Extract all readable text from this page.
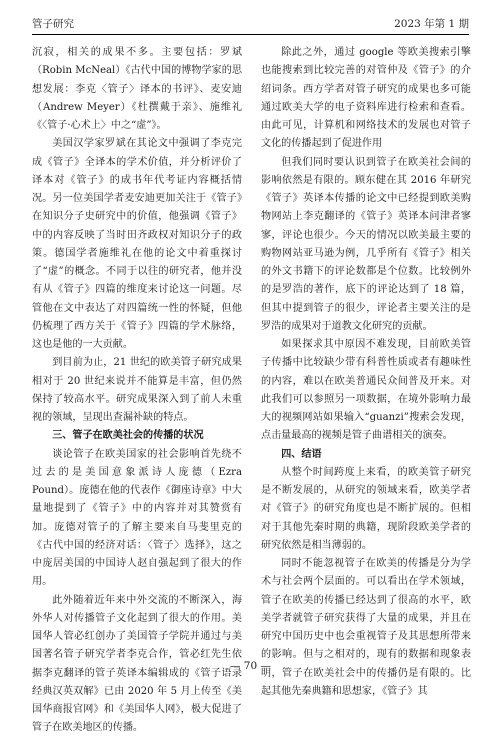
管子研究	2023 年第 1 期

沉寂，相关的成果不多。主要包括：罗斌（Robin McNeal）《古代中国的博物学家的思想发展：李克〈管子〉译本的书评》、麦安迪（Andrew Meyer）《杜撰戴于亲》、施维礼《〈管子·心术上〉中之“虚”》。

美国汉学家罗斌在其论文中强调了李克完成《管子》全译本的学术价值，并分析评价了译本对《管子》的成书年代考证内容概括情况。另一位美国学者麦安迪更加关注于《管子》在知识分子史研究中的价值，他强调《管子》中的内容反映了当时田齐政权对知识分子的政策。德国学者施维礼在他的论文中着重探讨了“虚”的概念。不同于以往的研究者，他并没有从《管子》四篇的维度来讨论这一问题。尽管他在文中表达了对四篇统一性的怀疑，但他仍梳理了西方关于《管子》四篇的学术脉络，这也是他的一大贡献。

到目前为止，21 世纪的欧美管子研究成果相对于 20 世纪来说并不能算是丰富，但仍然保持了较高水平。研究成果深入到了前人未重视的领域，呈现出查漏补缺的特点。

三、管子在欧美社会的传播的状况

谈论管子在欧美国家的社会影响首先绕不过去的是美国意象派诗人庞德（Ezra Pound）。庞德在他的代表作《御座诗章》中大量地提到了《管子》中的内容并对其赞赏有加。庞德对管子的了解主要来自马斐里克的《古代中国的经济对话：〈管子〉选择》，这之中庞居美国的中国诗人赵自强起到了很大的作用。

此外随着近年来中外交流的不断深入，海外华人对传播管子文化起到了很大的作用。美国华人管必红创办了美国管子学院并通过与美国著名管子研究学者李克合作，管必红先生依据李克翻译的管子英译本编辑成的《管子语录经典汉英双解》已由 2020 年 5 月上传至《美国华商报官网》和《美国华人网》，极大促进了管子在欧美地区的传播。

除此之外，通过 google 等欧美搜索引擎也能搜索到比较完善的对管仲及《管子》的介绍词条。西方学者对管子研究的成果也多可能通过欧美大学的电子资料库进行检索和查看。由此可见，计算机和网络技术的发展也对管子文化的传播起到了促进作用

但我们同时要认识到管子在欧美社会间的影响依然是有限的。顾东健在其 2016 年研究《管子》英译本传播的论文中已经提到欧美购物网站上李克翻译的《管子》英译本问津者寥寥，评论也很少。今天的情况以欧美最主要的购物网站亚马逊为例，几乎所有《管子》相关的外文书籍下的评论数都是个位数。比较例外的是罗浩的著作，底下的评论达到了 18 篇，但其中提到管子的很少，评论者主要关注的是罗浩的成果对于道教文化研究的贡献。

如果探求其中原因不难发现，目前欧美管子传播中比较缺少带有科普性质或者有趣味性的内容，难以在欧美普通民众间普及开来。对此我们可以参照另一项数据，在境外影响力最大的视频网站如果输入“guanzi”搜索会发现，点击量最高的视频是管子曲谱相关的演奏。

四、结语

从整个时间跨度上来看，的欧美管子研究是不断发展的，从研究的领域来看，欧美学者对《管子》的研究角度也是不断扩展的。但相对于其他先秦时期的典籍，现阶段欧美学者的研究依然是相当薄弱的。

同时不能忽视管子在欧美的传播是分为学术与社会两个层面的。可以看出在学术领域，管子在欧美的传播已经达到了很高的水平，欧美学者就管子研究获得了大量的成果，并且在研究中国历史中也会重视管子及其思想所带来的影响。但与之相对的，现有的数据和现象表明，管子在欧美社会中的传播仍是有限的。比起其他先秦典籍和思想家，《管子》其

— 70 —
